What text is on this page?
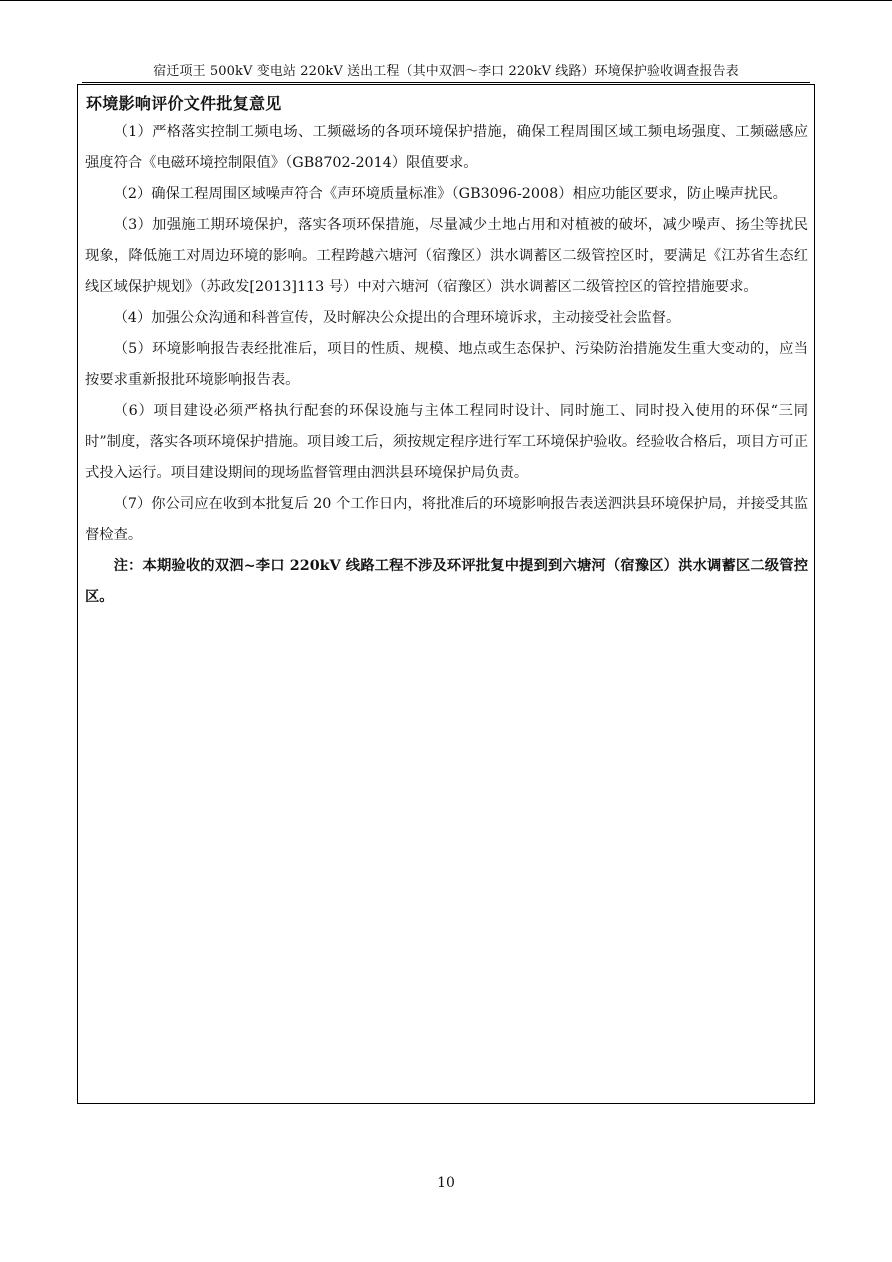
宿迁项王 500kV 变电站 220kV 送出工程（其中双泗～李口 220kV 线路）环境保护验收调查报告表
环境影响评价文件批复意见

（1）严格落实控制工频电场、工频磁场的各项环境保护措施，确保工程周围区域工频电场强度、工频磁感应强度符合《电磁环境控制限值》（GB8702-2014）限值要求。

（2）确保工程周围区域噪声符合《声环境质量标准》（GB3096-2008）相应功能区要求，防止噪声扰民。

（3）加强施工期环境保护，落实各项环保措施，尽量减少土地占用和对植被的破坏，减少噪声、扬尘等扰民现象，降低施工对周边环境的影响。工程跨越六塘河（宿豫区）洪水调蓄区二级管控区时，要满足《江苏省生态红线区域保护规划》（苏政发[2013]113 号）中对六塘河（宿豫区）洪水调蓄区二级管控区的管控措施要求。

（4）加强公众沟通和科普宣传，及时解决公众提出的合理环境诉求，主动接受社会监督。

（5）环境影响报告表经批准后，项目的性质、规模、地点或生态保护、污染防治措施发生重大变动的，应当按要求重新报批环境影响报告表。

（6）项目建设必须严格执行配套的环保设施与主体工程同时设计、同时施工、同时投入使用的环保“三同时”制度，落实各项环境保护措施。项目竣工后，须按规定程序进行军工环境保护验收。经验收合格后，项目方可正式投入运行。项目建设期间的现场监督管理由泗洪县环境保护局负责。

（7）你公司应在收到本批复后 20 个工作日内，将批准后的环境影响报告表送泗洪县环境保护局，并接受其监督检查。

注：本期验收的双泗~李口 220kV 线路工程不涉及环评批复中提到到六塘河（宿豫区）洪水调蓄区二级管控区。

10
